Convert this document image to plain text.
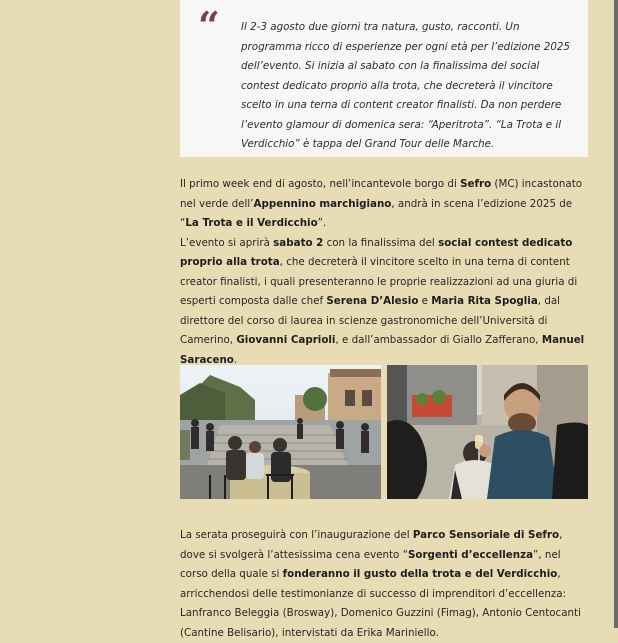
“ Il 2-3 agosto due giorni tra natura, gusto, racconti. Un programma ricco di esperienze per ogni età per l’edizione 2025 dell’evento. Si inizia al sabato con la finalissima del social contest dedicato proprio alla trota, che decreterà il vincitore scelto in una terna di content creator finalisti. Da non perdere l’evento glamour di domenica sera: “Aperitrota”. “La Trota e il Verdicchio” è tappa del Grand Tour delle Marche.

Il primo week end di agosto, nell’incantevole borgo di Sefro (MC) incastonato nel verde dell’Appennino marchigiano, andrà in scena l’edizione 2025 de “La Trota e il Verdicchio”.
L’evento si aprirà sabato 2 con la finalissima del social contest dedicato proprio alla trota, che decreterà il vincitore scelto in una terna di content creator finalisti, i quali presenteranno le proprie realizzazioni ad una giuria di esperti composta dalle chef Serena D’Alesio e Maria Rita Spoglia, dal direttore del corso di laurea in scienze gastronomiche dell’Università di Camerino, Giovanni Caprioli, e dall’ambassador di Giallo Zafferano, Manuel Saraceno.

La serata proseguirà con l’inaugurazione del Parco Sensoriale di Sefro, dove si svolgerà l’attesissima cena evento “Sorgenti d’eccellenza”, nel corso della quale si fonderanno il gusto della trota e del Verdicchio, arricchendosi delle testimonianze di successo di imprenditori d’eccellenza: Lanfranco Beleggia (Brosway), Domenico Guzzini (Fimag), Antonio Centocanti (Cantine Belisario), intervistati da Erika Mariniello.
